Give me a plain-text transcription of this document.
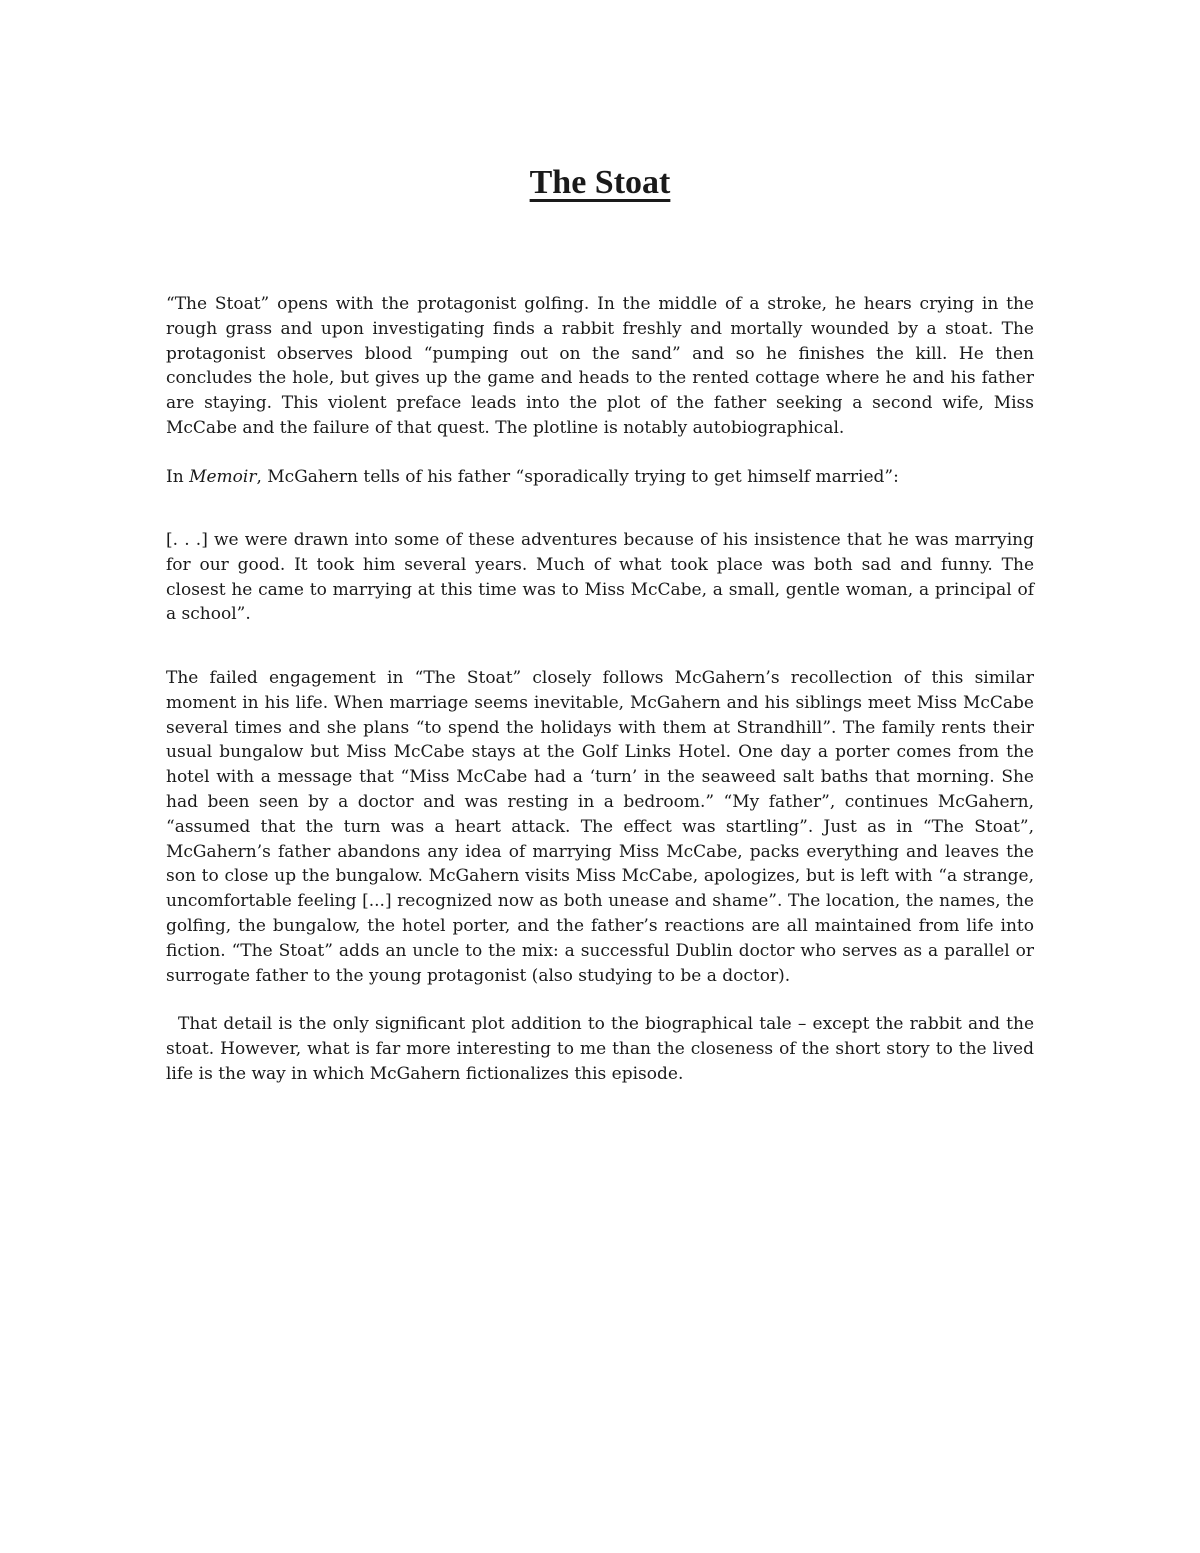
The Stoat

“The Stoat” opens with the protagonist golfing. In the middle of a stroke, he hears crying in the rough grass and upon investigating finds a rabbit freshly and mortally wounded by a stoat. The protagonist observes blood “pumping out on the sand” and so he finishes the kill. He then concludes the hole, but gives up the game and heads to the rented cottage where he and his father are staying. This violent preface leads into the plot of the father seeking a second wife, Miss McCabe and the failure of that quest. The plotline is notably autobiographical.

In Memoir, McGahern tells of his father “sporadically trying to get himself married”:

[. . .] we were drawn into some of these adventures because of his insistence that he was marrying for our good. It took him several years. Much of what took place was both sad and funny. The closest he came to marrying at this time was to Miss McCabe, a small, gentle woman, a principal of a school”.

The failed engagement in “The Stoat” closely follows McGahern’s recollection of this similar moment in his life. When marriage seems inevitable, McGahern and his siblings meet Miss McCabe several times and she plans “to spend the holidays with them at Strandhill”. The family rents their usual bungalow but Miss McCabe stays at the Golf Links Hotel. One day a porter comes from the hotel with a message that “Miss McCabe had a ‘turn’ in the seaweed salt baths that morning. She had been seen by a doctor and was resting in a bedroom.” “My father”, continues McGahern, “assumed that the turn was a heart attack. The effect was startling”. Just as in “The Stoat”, McGahern’s father abandons any idea of marrying Miss McCabe, packs everything and leaves the son to close up the bungalow. McGahern visits Miss McCabe, apologizes, but is left with “a strange, uncomfortable feeling [...] recognized now as both unease and shame”. The location, the names, the golfing, the bungalow, the hotel porter, and the father’s reactions are all maintained from life into fiction. “The Stoat” adds an uncle to the mix: a successful Dublin doctor who serves as a parallel or surrogate father to the young protagonist (also studying to be a doctor).

That detail is the only significant plot addition to the biographical tale – except the rabbit and the stoat. However, what is far more interesting to me than the closeness of the short story to the lived life is the way in which McGahern fictionalizes this episode.
